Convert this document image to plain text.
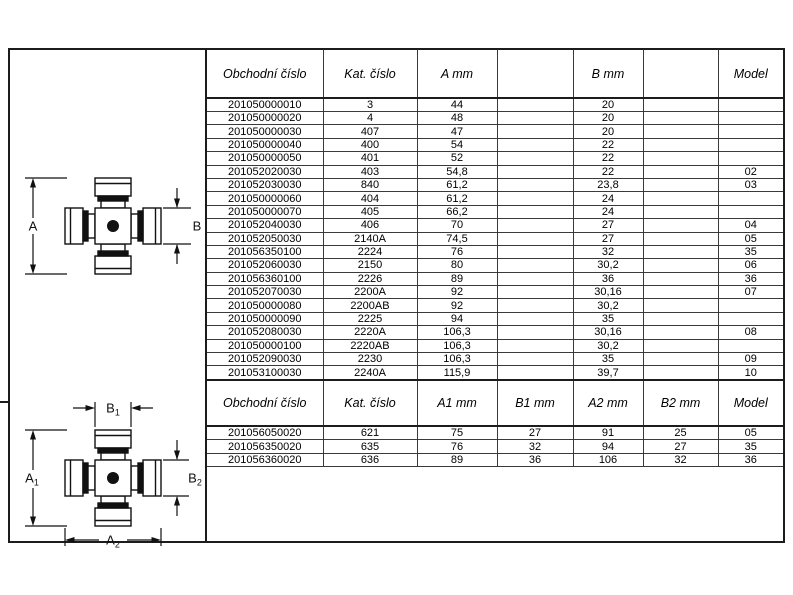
A	B
$B_1$
$A_1$	$B_2$
$A_2$
Obchodní číslo	Kat. číslo	A mm		B mm		Model
201050000010	3	44		20		
201050000020	4	48		20		
201050000030	407	47		20		
201050000040	400	54		22		
201050000050	401	52		22		
201052020030	403	54,8		22		02
201052030030	840	61,2		23,8		03
201050000060	404	61,2		24		
201050000070	405	66,2		24		
201052040030	406	70		27		04
201052050030	2140A	74,5		27		05
201056350100	2224	76		32		35
201052060030	2150	80		30,2		06
201056360100	2226	89		36		36
201052070030	2200A	92		30,16		07
201050000080	2200AB	92		30,2		
201050000090	2225	94		35		
201052080030	2220A	106,3		30,16		08
201050000100	2220AB	106,3		30,2		
201052090030	2230	106,3		35		09
201053100030	2240A	115,9		39,7		10
Obchodní číslo	Kat. číslo	A1 mm	B1 mm	A2 mm	B2 mm	Model
201056050020	621	75	27	91	25	05
201056350020	635	76	32	94	27	35
201056360020	636	89	36	106	32	36
